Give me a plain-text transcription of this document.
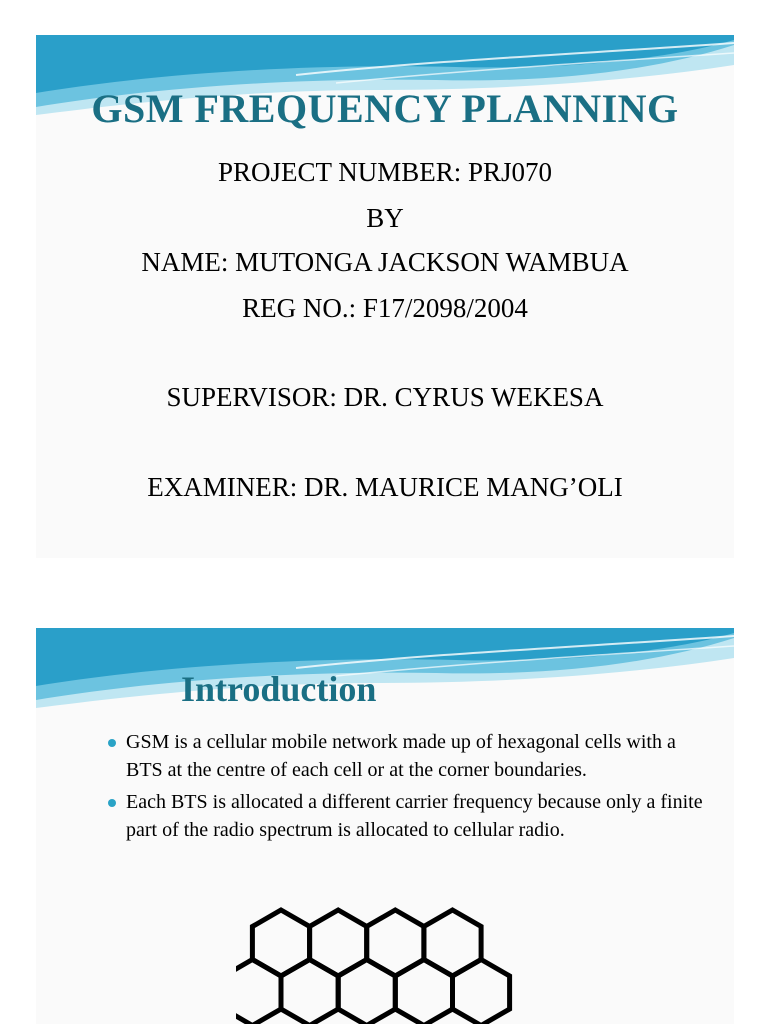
GSM FREQUENCY PLANNING
PROJECT NUMBER: PRJ070
BY
NAME: MUTONGA JACKSON WAMBUA
REG NO.: F17/2098/2004
SUPERVISOR: DR. CYRUS WEKESA
EXAMINER: DR. MAURICE MANG’OLI
Introduction
GSM is a cellular mobile network made up of hexagonal cells with a BTS at the centre of each cell or at the corner boundaries.
Each BTS is allocated a different carrier frequency because only a finite part of the radio spectrum is allocated to cellular radio.
